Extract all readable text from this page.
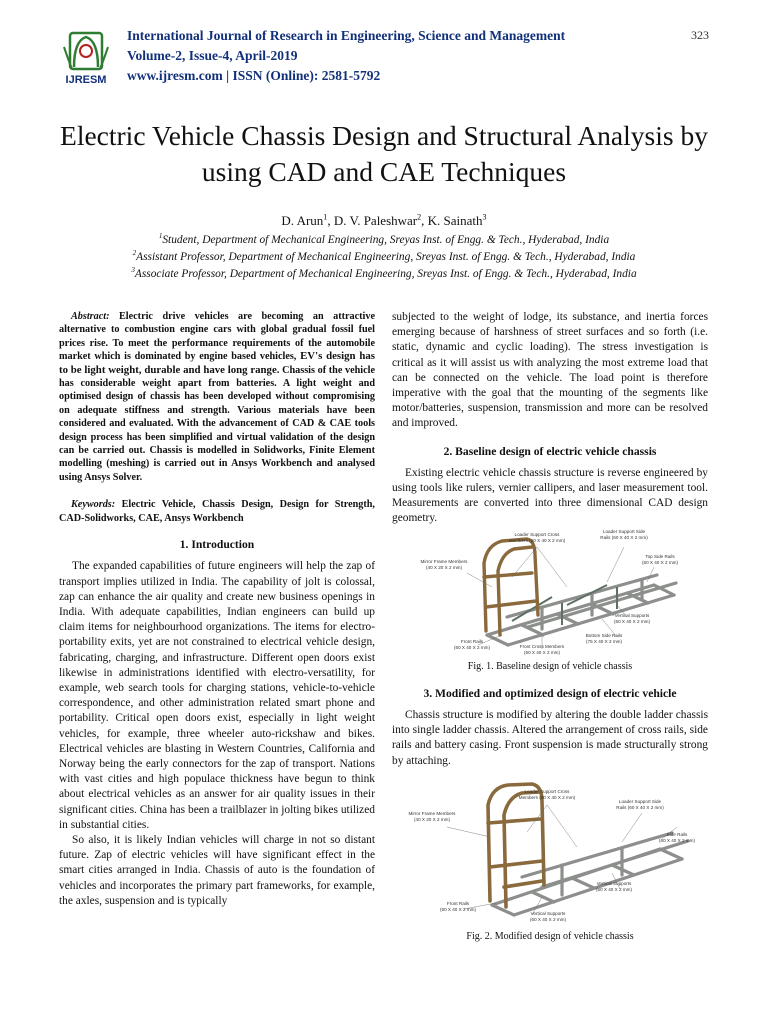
IJRESM
International Journal of Research in Engineering, Science and Management
Volume-2, Issue-4, April-2019
www.ijresm.com | ISSN (Online): 2581-5792
323
Electric Vehicle Chassis Design and Structural Analysis by using CAD and CAE Techniques
D. Arun$^1$, D. V. Paleshwar$^2$, K. Sainath$^3$
$^1$Student, Department of Mechanical Engineering, Sreyas Inst. of Engg. & Tech., Hyderabad, India
$^2$Assistant Professor, Department of Mechanical Engineering, Sreyas Inst. of Engg. & Tech., Hyderabad, India
$^3$Associate Professor, Department of Mechanical Engineering, Sreyas Inst. of Engg. & Tech., Hyderabad, India
Abstract: Electric drive vehicles are becoming an attractive alternative to combustion engine cars with global gradual fossil fuel prices rise. To meet the performance requirements of the automobile market which is dominated by engine based vehicles, EV's design has to be light weight, durable and have long range. Chassis of the vehicle has considerable weight apart from batteries. A light weight and optimised design of chassis has been developed without compromising on adequate stiffness and strength. Various materials have been considered and evaluated. With the advancement of CAD & CAE tools design process has been simplified and virtual validation of the design can be carried out. Chassis is modelled in Solidworks, Finite Element modelling (meshing) is carried out in Ansys Workbench and analysed using Ansys Solver.
Keywords: Electric Vehicle, Chassis Design, Design for Strength, CAD-Solidworks, CAE, Ansys Workbench
1. Introduction

The expanded capabilities of future engineers will help the zap of transport implies utilized in India. The capability of jolt is colossal, zap can enhance the air quality and create new business openings in India. With adequate capabilities, Indian engineers can build up claim items for neighbourhood organizations. The items for electro-portability exits, yet are not constrained to electrical vehicle design, fabricating, charging, and infrastructure. Different open doors exist likewise in administrations identified with electro-versatility, for example, web search tools for charging stations, vehicle-to-vehicle correspondence, and other administration related smart phone and portability. Critical open doors exist, especially in light weight vehicles, for example, three wheeler auto-rickshaw and bikes. Electrical vehicles are blasting in Western Countries, California and Norway being the early connectors for the zap of transport. Nations with vast cities and high populace thickness have begun to think about electrical vehicles as an answer for air quality issues in their significant cities. China has been a trailblazer in jolting bikes utilized in substantial cities.

So also, it is likely Indian vehicles will charge in not so distant future. Zap of electric vehicles will have significant effect in the smart cities arranged in India. Chassis of auto is the foundation of vehicles and incorporates the primary part frameworks, for example, the axles, suspension and is typically

subjected to the weight of lodge, its substance, and inertia forces emerging because of harshness of street surfaces and so forth (i.e. static, dynamic and cyclic loading). The stress investigation is critical as it will assist us with analyzing the most extreme load that can be connected on the vehicle. The load point is therefore imperative with the goal that the mounting of the segments like motor/batteries, suspension, transmission and more can be resolved and improved.

2. Baseline design of electric vehicle chassis

Existing electric vehicle chassis structure is reverse engineered by using tools like rulers, vernier callipers, and laser measurement tool. Measurements are converted into three dimensional CAD design geometry.

Loader Support Cross
Members (60 X 40 X 2 mm)
Loader Support Side
Rails (60 X 40 X 2 mm)
Mirror Frame Members
(40 X 20 X 2 mm)
Top Side Rails
(60 X 40 X 2 mm)
Vertical Supports
(60 X 40 X 2 mm)
Bottom Side Rails
(75 X 40 X 2 mm)
Front Rails
(60 X 40 X 2 mm)	Front Cross Members
(60 X 40 X 2 mm)
Fig. 1. Baseline design of vehicle chassis
3. Modified and optimized design of electric vehicle

Chassis structure is modified by altering the double ladder chassis into single ladder chassis. Altered the arrangement of cross rails, side rails and battery casing. Front suspension is made structurally strong by attaching.

Loader Support Cross
Members (60 X 40 X 2 mm)
Loader Support Side
Rails (60 X 40 X 2 mm)
Mirror Frame Members
(40 X 20 X 2 mm)
Side Rails
(60 X 40 X 2 mm)
Vertical Supports
(60 X 40 X 2 mm)
Front Rails
(60 X 40 X 2 mm)
Vertical Supports
(60 X 40 X 2 mm)
Fig. 2. Modified design of vehicle chassis
